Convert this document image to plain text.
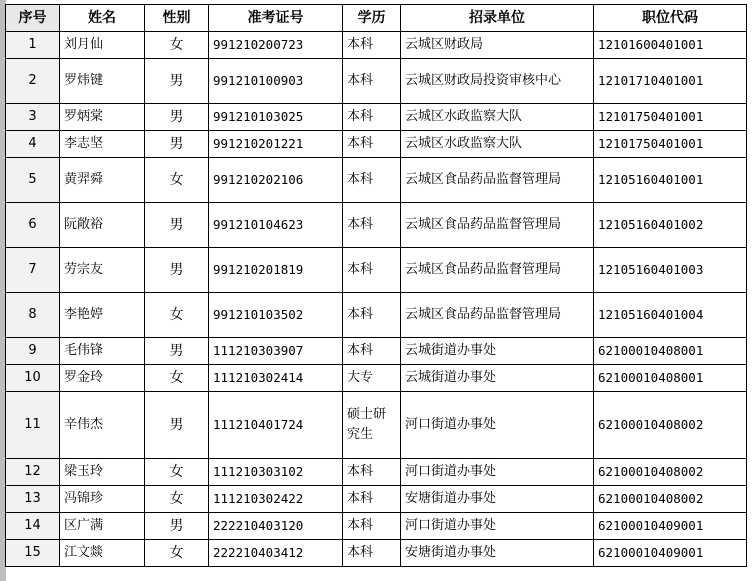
序号	姓名	性别	准考证号	学历	招录单位	职位代码
1	刘月仙	女	991210200723	本科	云城区财政局	12101600401001
2	罗炜键	男	991210100903	本科	云城区财政局投资审核中心	12101710401001
3	罗炳棠	男	991210103025	本科	云城区水政监察大队	12101750401001
4	李志坚	男	991210201221	本科	云城区水政监察大队	12101750401001
5	黄羿舜	女	991210202106	本科	云城区食品药品监督管理局	12105160401001
6	阮敞裕	男	991210104623	本科	云城区食品药品监督管理局	12105160401002
7	劳宗友	男	991210201819	本科	云城区食品药品监督管理局	12105160401003
8	李艳婷	女	991210103502	本科	云城区食品药品监督管理局	12105160401004
9	毛伟锋	男	111210303907	本科	云城街道办事处	62100010408001
10	罗金玲	女	111210302414	大专	云城街道办事处	62100010408001
11	辛伟杰	男	111210401724	硕士研究生	河口街道办事处	62100010408002
12	梁玉玲	女	111210303102	本科	河口街道办事处	62100010408002
13	冯锦珍	女	111210302422	本科	安塘街道办事处	62100010408002
14	区广满	男	222210403120	本科	河口街道办事处	62100010409001
15	江文燚	女	222210403412	本科	安塘街道办事处	62100010409001
